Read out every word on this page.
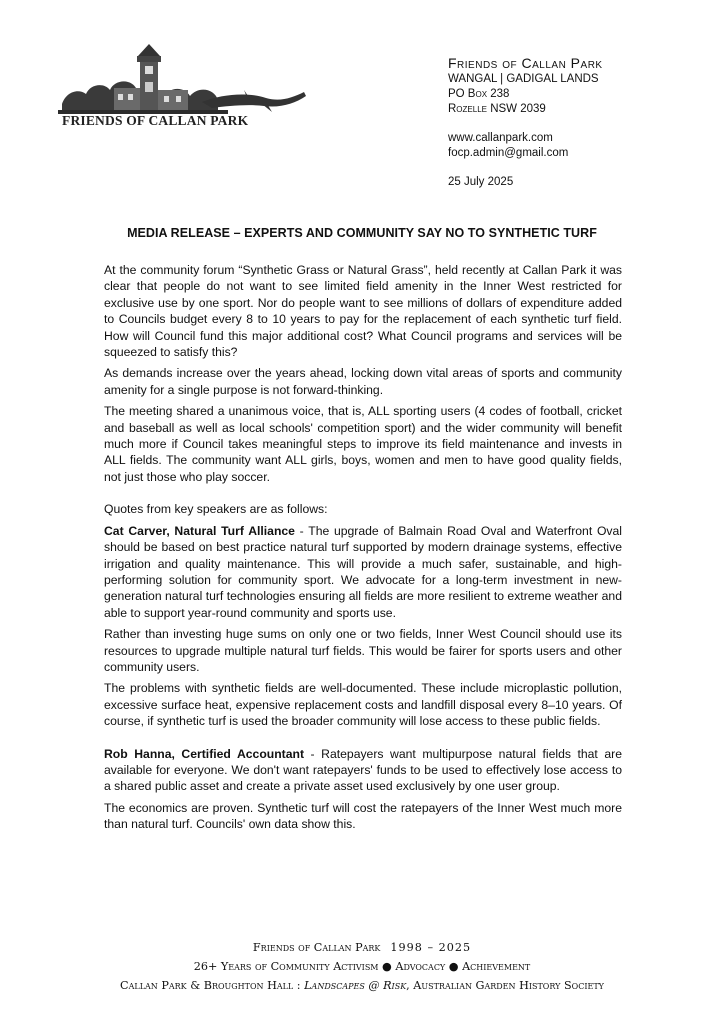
FRIENDS OF CALLAN PARK
Friends of Callan Park
WANGAL | GADIGAL LANDS
PO Box 238
Rozelle NSW 2039
www.callanpark.com
focp.admin@gmail.com
25 July 2025
MEDIA RELEASE – EXPERTS AND COMMUNITY SAY NO TO SYNTHETIC TURF

At the community forum “Synthetic Grass or Natural Grass”, held recently at Callan Park it was clear that people do not want to see limited field amenity in the Inner West restricted for exclusive use by one sport. Nor do people want to see millions of dollars of expenditure added to Councils budget every 8 to 10 years to pay for the replacement of each synthetic turf field. How will Council fund this major additional cost? What Council programs and services will be squeezed to satisfy this?

As demands increase over the years ahead, locking down vital areas of sports and community amenity for a single purpose is not forward-thinking.

The meeting shared a unanimous voice, that is, ALL sporting users (4 codes of football, cricket and baseball as well as local schools' competition sport) and the wider community will benefit much more if Council takes meaningful steps to improve its field maintenance and invests in ALL fields. The community want ALL girls, boys, women and men to have good quality fields, not just those who play soccer.

Quotes from key speakers are as follows:

Cat Carver, Natural Turf Alliance - The upgrade of Balmain Road Oval and Waterfront Oval should be based on best practice natural turf supported by modern drainage systems, effective irrigation and quality maintenance. This will provide a much safer, sustainable, and high-performing solution for community sport. We advocate for a long-term investment in new-generation natural turf technologies ensuring all fields are more resilient to extreme weather and able to support year-round community and sports use.

Rather than investing huge sums on only one or two fields, Inner West Council should use its resources to upgrade multiple natural turf fields. This would be fairer for sports users and other community users.

The problems with synthetic fields are well-documented. These include microplastic pollution, excessive surface heat, expensive replacement costs and landfill disposal every 8–10 years. Of course, if synthetic turf is used the broader community will lose access to these public fields.

Rob Hanna, Certified Accountant - Ratepayers want multipurpose natural fields that are available for everyone. We don't want ratepayers' funds to be used to effectively lose access to a shared public asset and create a private asset used exclusively by one user group.

The economics are proven. Synthetic turf will cost the ratepayers of the Inner West much more than natural turf. Councils' own data show this.

Friends of Callan Park 1998 – 2025
26+ Years of Community Activism ● Advocacy ● Achievement
Callan Park & Broughton Hall : Landscapes @ Risk, Australian Garden History Society
